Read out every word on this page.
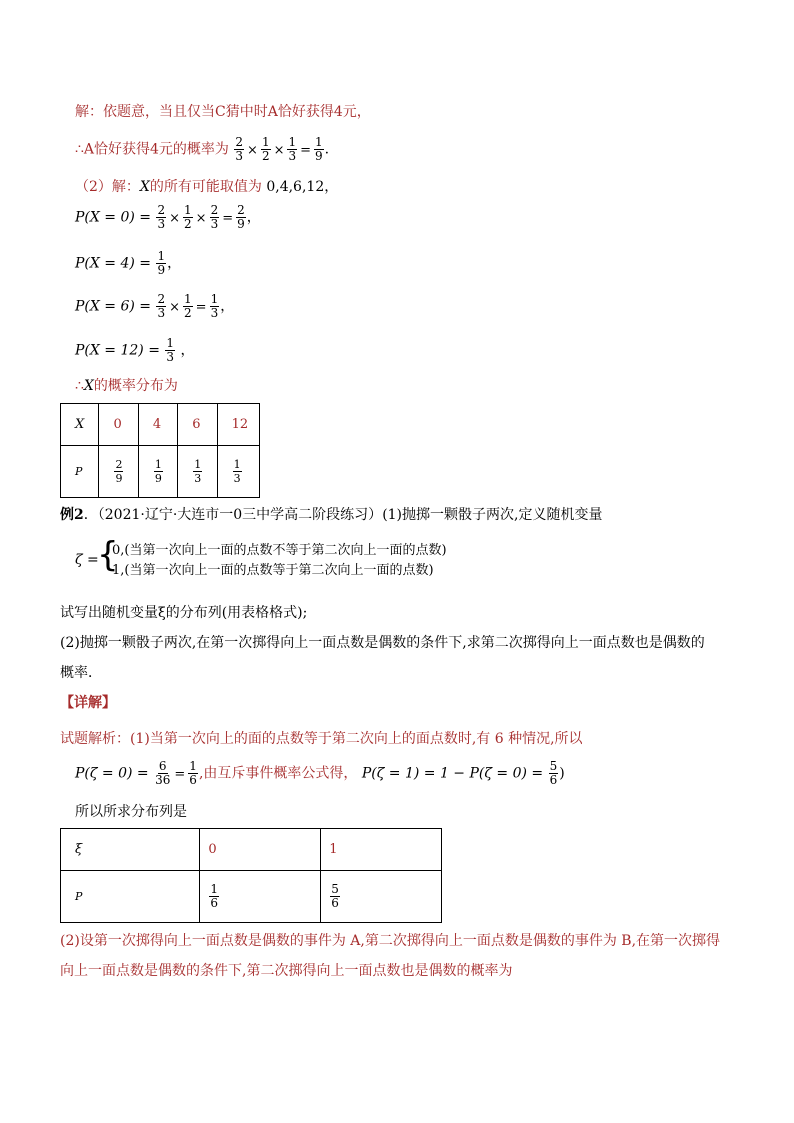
解：依题意，当且仅当C猜中时A恰好获得4元，
∴A恰好获得4元的概率为 $\frac{2}{3} \times \frac{1}{2} \times \frac{1}{3} = \frac{1}{9}$ .
（2）解：X的所有可能取值为 0,4,6,12，
$P(X = 0) = \frac{2}{3} \times \frac{1}{2} \times \frac{2}{3} = \frac{2}{9}$ ，
$P(X = 4) = \frac{1}{9}$ ，
$P(X = 6) = \frac{2}{3} \times \frac{1}{2} = \frac{1}{3}$ ，
$P(X = 12) = \frac{1}{3}$ ，
∴X的概率分布为
X	0	4	6	12
P	$\frac{2}{9}$	$\frac{1}{9}$	$\frac{1}{3}$	$\frac{1}{3}$
例2．（2021·辽宁·大连市一0三中学高二阶段练习）(1)抛掷一颗骰子两次,定义随机变量
ζ =
{
0,(当第一次向上一面的点数不等于第二次向上一面的点数)
1,(当第一次向上一面的点数等于第二次向上一面的点数)
试写出随机变量ξ的分布列(用表格格式);
(2)抛掷一颗骰子两次,在第一次掷得向上一面点数是偶数的条件下,求第二次掷得向上一面点数也是偶数的
概率．
【详解】
试题解析：(1)当第一次向上的面的点数等于第二次向上的面点数时,有 6 种情况,所以
$P(\zeta = 0) = \frac{6}{36} = \frac{1}{6}$ ,由互斥事件概率公式得， $P(\zeta = 1) = 1 - P(\zeta = 0) = \frac{5}{6}$ )
所以所求分布列是
ξ	0	1
P	$\frac{1}{6}$	$\frac{5}{6}$
(2)设第一次掷得向上一面点数是偶数的事件为 A,第二次掷得向上一面点数是偶数的事件为 B,在第一次掷得
向上一面点数是偶数的条件下,第二次掷得向上一面点数也是偶数的概率为
